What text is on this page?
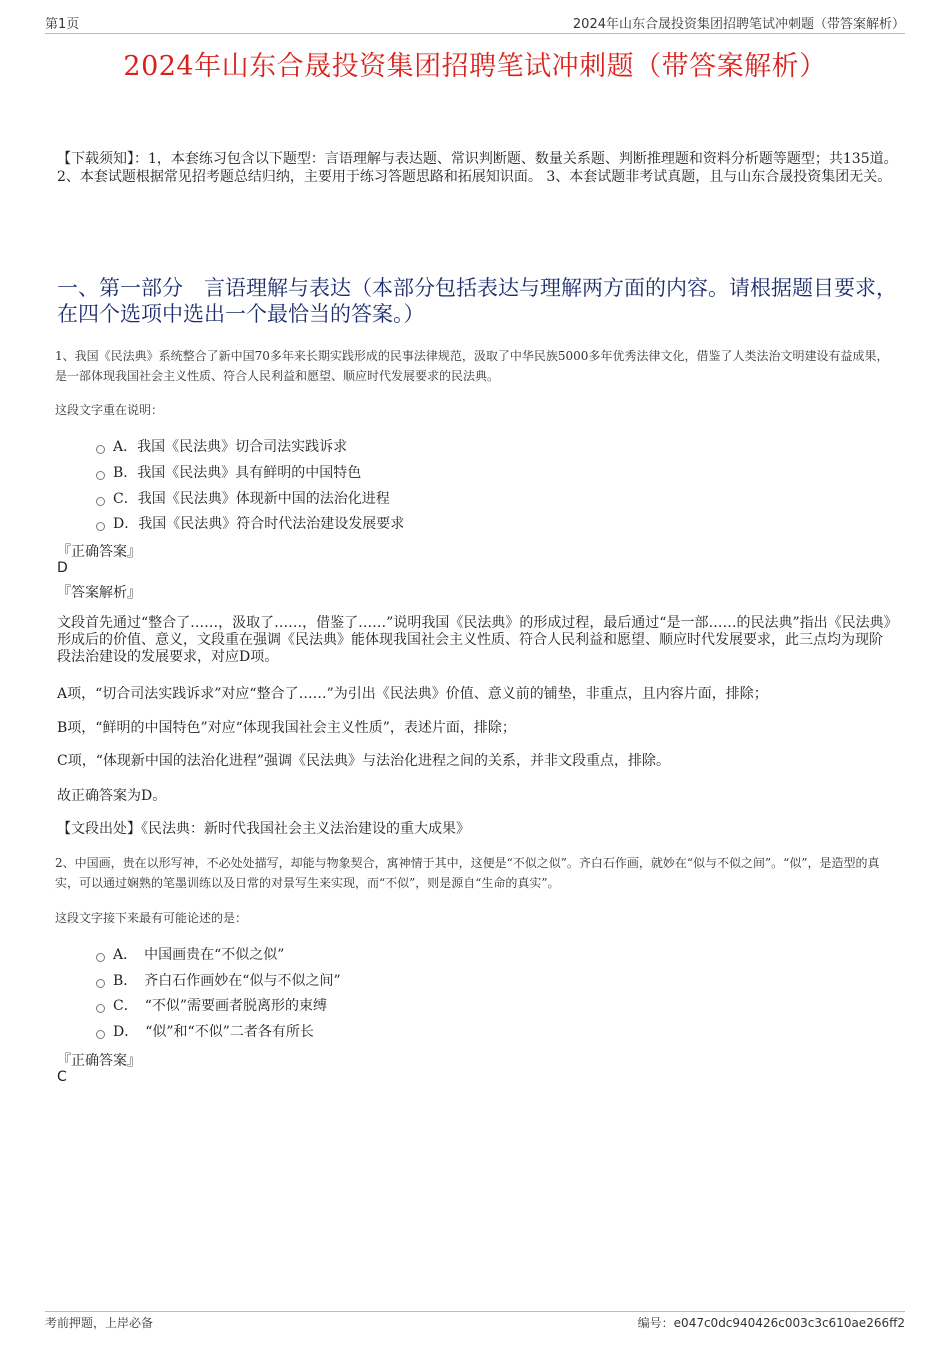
第1页	2024年山东合晟投资集团招聘笔试冲刺题（带答案解析）
2024年山东合晟投资集团招聘笔试冲刺题（带答案解析）
【下载须知】：1，本套练习包含以下题型：言语理解与表达题、常识判断题、数量关系题、判断推理题和资料分析题等题型；共135道。 2、本套试题根据常见招考题总结归纳，主要用于练习答题思路和拓展知识面。 3、本套试题非考试真题，且与山东合晟投资集团无关。
一、第一部分　言语理解与表达（本部分包括表达与理解两方面的内容。请根据题目要求，在四个选项中选出一个最恰当的答案。）
1、我国《民法典》系统整合了新中国70多年来长期实践形成的民事法律规范，汲取了中华民族5000多年优秀法律文化，借鉴了人类法治文明建设有益成果，是一部体现我国社会主义性质、符合人民利益和愿望、顺应时代发展要求的民法典。
这段文字重在说明：
A．我国《民法典》切合司法实践诉求
B．我国《民法典》具有鲜明的中国特色
C．我国《民法典》体现新中国的法治化进程
D．我国《民法典》符合时代法治建设发展要求
『正确答案』
D
『答案解析』
文段首先通过“整合了……，汲取了……，借鉴了……”说明我国《民法典》的形成过程，最后通过“是一部……的民法典”指出《民法典》形成后的价值、意义，文段重在强调《民法典》能体现我国社会主义性质、符合人民利益和愿望、顺应时代发展要求，此三点均为现阶段法治建设的发展要求，对应D项。
A项，“切合司法实践诉求”对应“整合了……”为引出《民法典》价值、意义前的铺垫，非重点，且内容片面，排除；
B项，“鲜明的中国特色”对应“体现我国社会主义性质”，表述片面，排除；
C项，“体现新中国的法治化进程”强调《民法典》与法治化进程之间的关系，并非文段重点，排除。
故正确答案为D。
【文段出处】《民法典：新时代我国社会主义法治建设的重大成果》
2、中国画，贵在以形写神，不必处处描写，却能与物象契合，寓神情于其中，这便是“不似之似”。齐白石作画，就妙在“似与不似之间”。“似”，是造型的真实，可以通过娴熟的笔墨训练以及日常的对景写生来实现，而“不似”，则是源自“生命的真实”。
这段文字接下来最有可能论述的是：
A．　中国画贵在“不似之似”
B．　齐白石作画妙在“似与不似之间”
C．　“不似”需要画者脱离形的束缚
D．　“似”和“不似”二者各有所长
『正确答案』
C
考前押题，上岸必备	编号：e047c0dc940426c003c3c610ae266ff2
